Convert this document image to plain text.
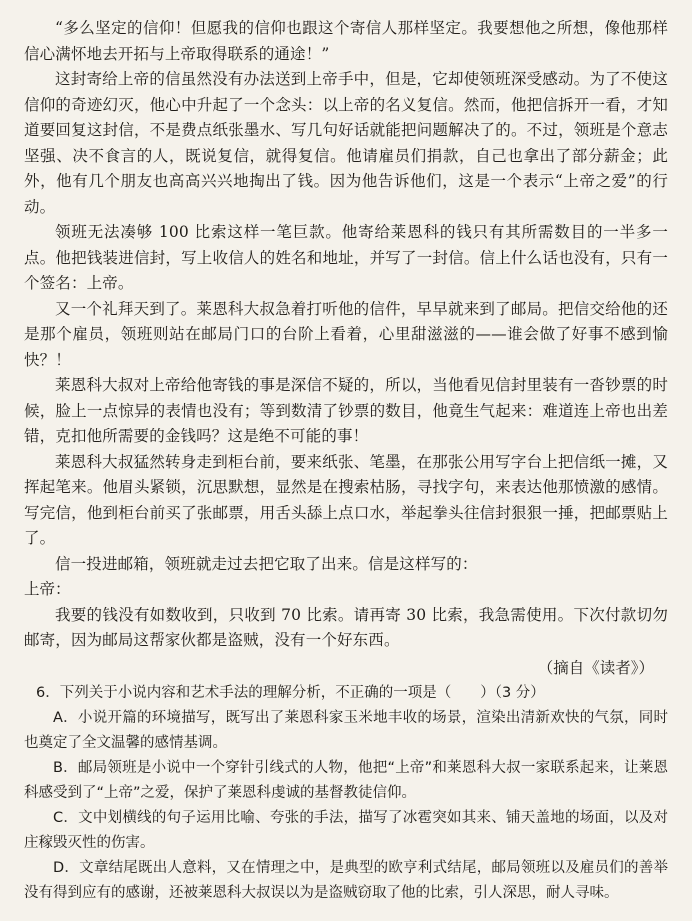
“多么坚定的信仰！但愿我的信仰也跟这个寄信人那样坚定。我要想他之所想，像他那样信心满怀地去开拓与上帝取得联系的通途！”

这封寄给上帝的信虽然没有办法送到上帝手中，但是，它却使领班深受感动。为了不使这信仰的奇迹幻灭，他心中升起了一个念头：以上帝的名义复信。然而，他把信拆开一看，才知道要回复这封信，不是费点纸张墨水、写几句好话就能把问题解决了的。不过，领班是个意志坚强、决不食言的人，既说复信，就得复信。他请雇员们捐款，自己也拿出了部分薪金；此外，他有几个朋友也高高兴兴地掏出了钱。因为他告诉他们，这是一个表示“上帝之爱”的行动。

领班无法凑够 100 比索这样一笔巨款。他寄给莱恩科的钱只有其所需数目的一半多一点。他把钱装进信封，写上收信人的姓名和地址，并写了一封信。信上什么话也没有，只有一个签名：上帝。

又一个礼拜天到了。莱恩科大叔急着打听他的信件，早早就来到了邮局。把信交给他的还是那个雇员，领班则站在邮局门口的台阶上看着，心里甜滋滋的——谁会做了好事不感到愉快？！

莱恩科大叔对上帝给他寄钱的事是深信不疑的，所以，当他看见信封里装有一沓钞票的时候，脸上一点惊异的表情也没有；等到数清了钞票的数目，他竟生气起来：难道连上帝也出差错，克扣他所需要的金钱吗？这是绝不可能的事！

莱恩科大叔猛然转身走到柜台前，要来纸张、笔墨，在那张公用写字台上把信纸一摊，又挥起笔来。他眉头紧锁，沉思默想，显然是在搜索枯肠，寻找字句，来表达他那愤激的感情。写完信，他到柜台前买了张邮票，用舌头舔上点口水，举起拳头往信封狠狠一捶，把邮票贴上了。

信一投进邮箱，领班就走过去把它取了出来。信是这样写的：

上帝：

我要的钱没有如数收到，只收到 70 比索。请再寄 30 比索，我急需使用。下次付款切勿邮寄，因为邮局这帮家伙都是盗贼，没有一个好东西。

（摘自《读者》）

6．下列关于小说内容和艺术手法的理解分析，不正确的一项是（　　）（3 分）

A．小说开篇的环境描写，既写出了莱恩科家玉米地丰收的场景，渲染出清新欢快的气氛，同时也奠定了全文温馨的感情基调。

B．邮局领班是小说中一个穿针引线式的人物，他把“上帝”和莱恩科大叔一家联系起来，让莱恩科感受到了“上帝”之爱，保护了莱恩科虔诚的基督教徒信仰。

C．文中划横线的句子运用比喻、夸张的手法，描写了冰雹突如其来、铺天盖地的场面，以及对庄稼毁灭性的伤害。

D．文章结尾既出人意料，又在情理之中，是典型的欧亨利式结尾，邮局领班以及雇员们的善举没有得到应有的感谢，还被莱恩科大叔误以为是盗贼窃取了他的比索，引人深思，耐人寻味。
